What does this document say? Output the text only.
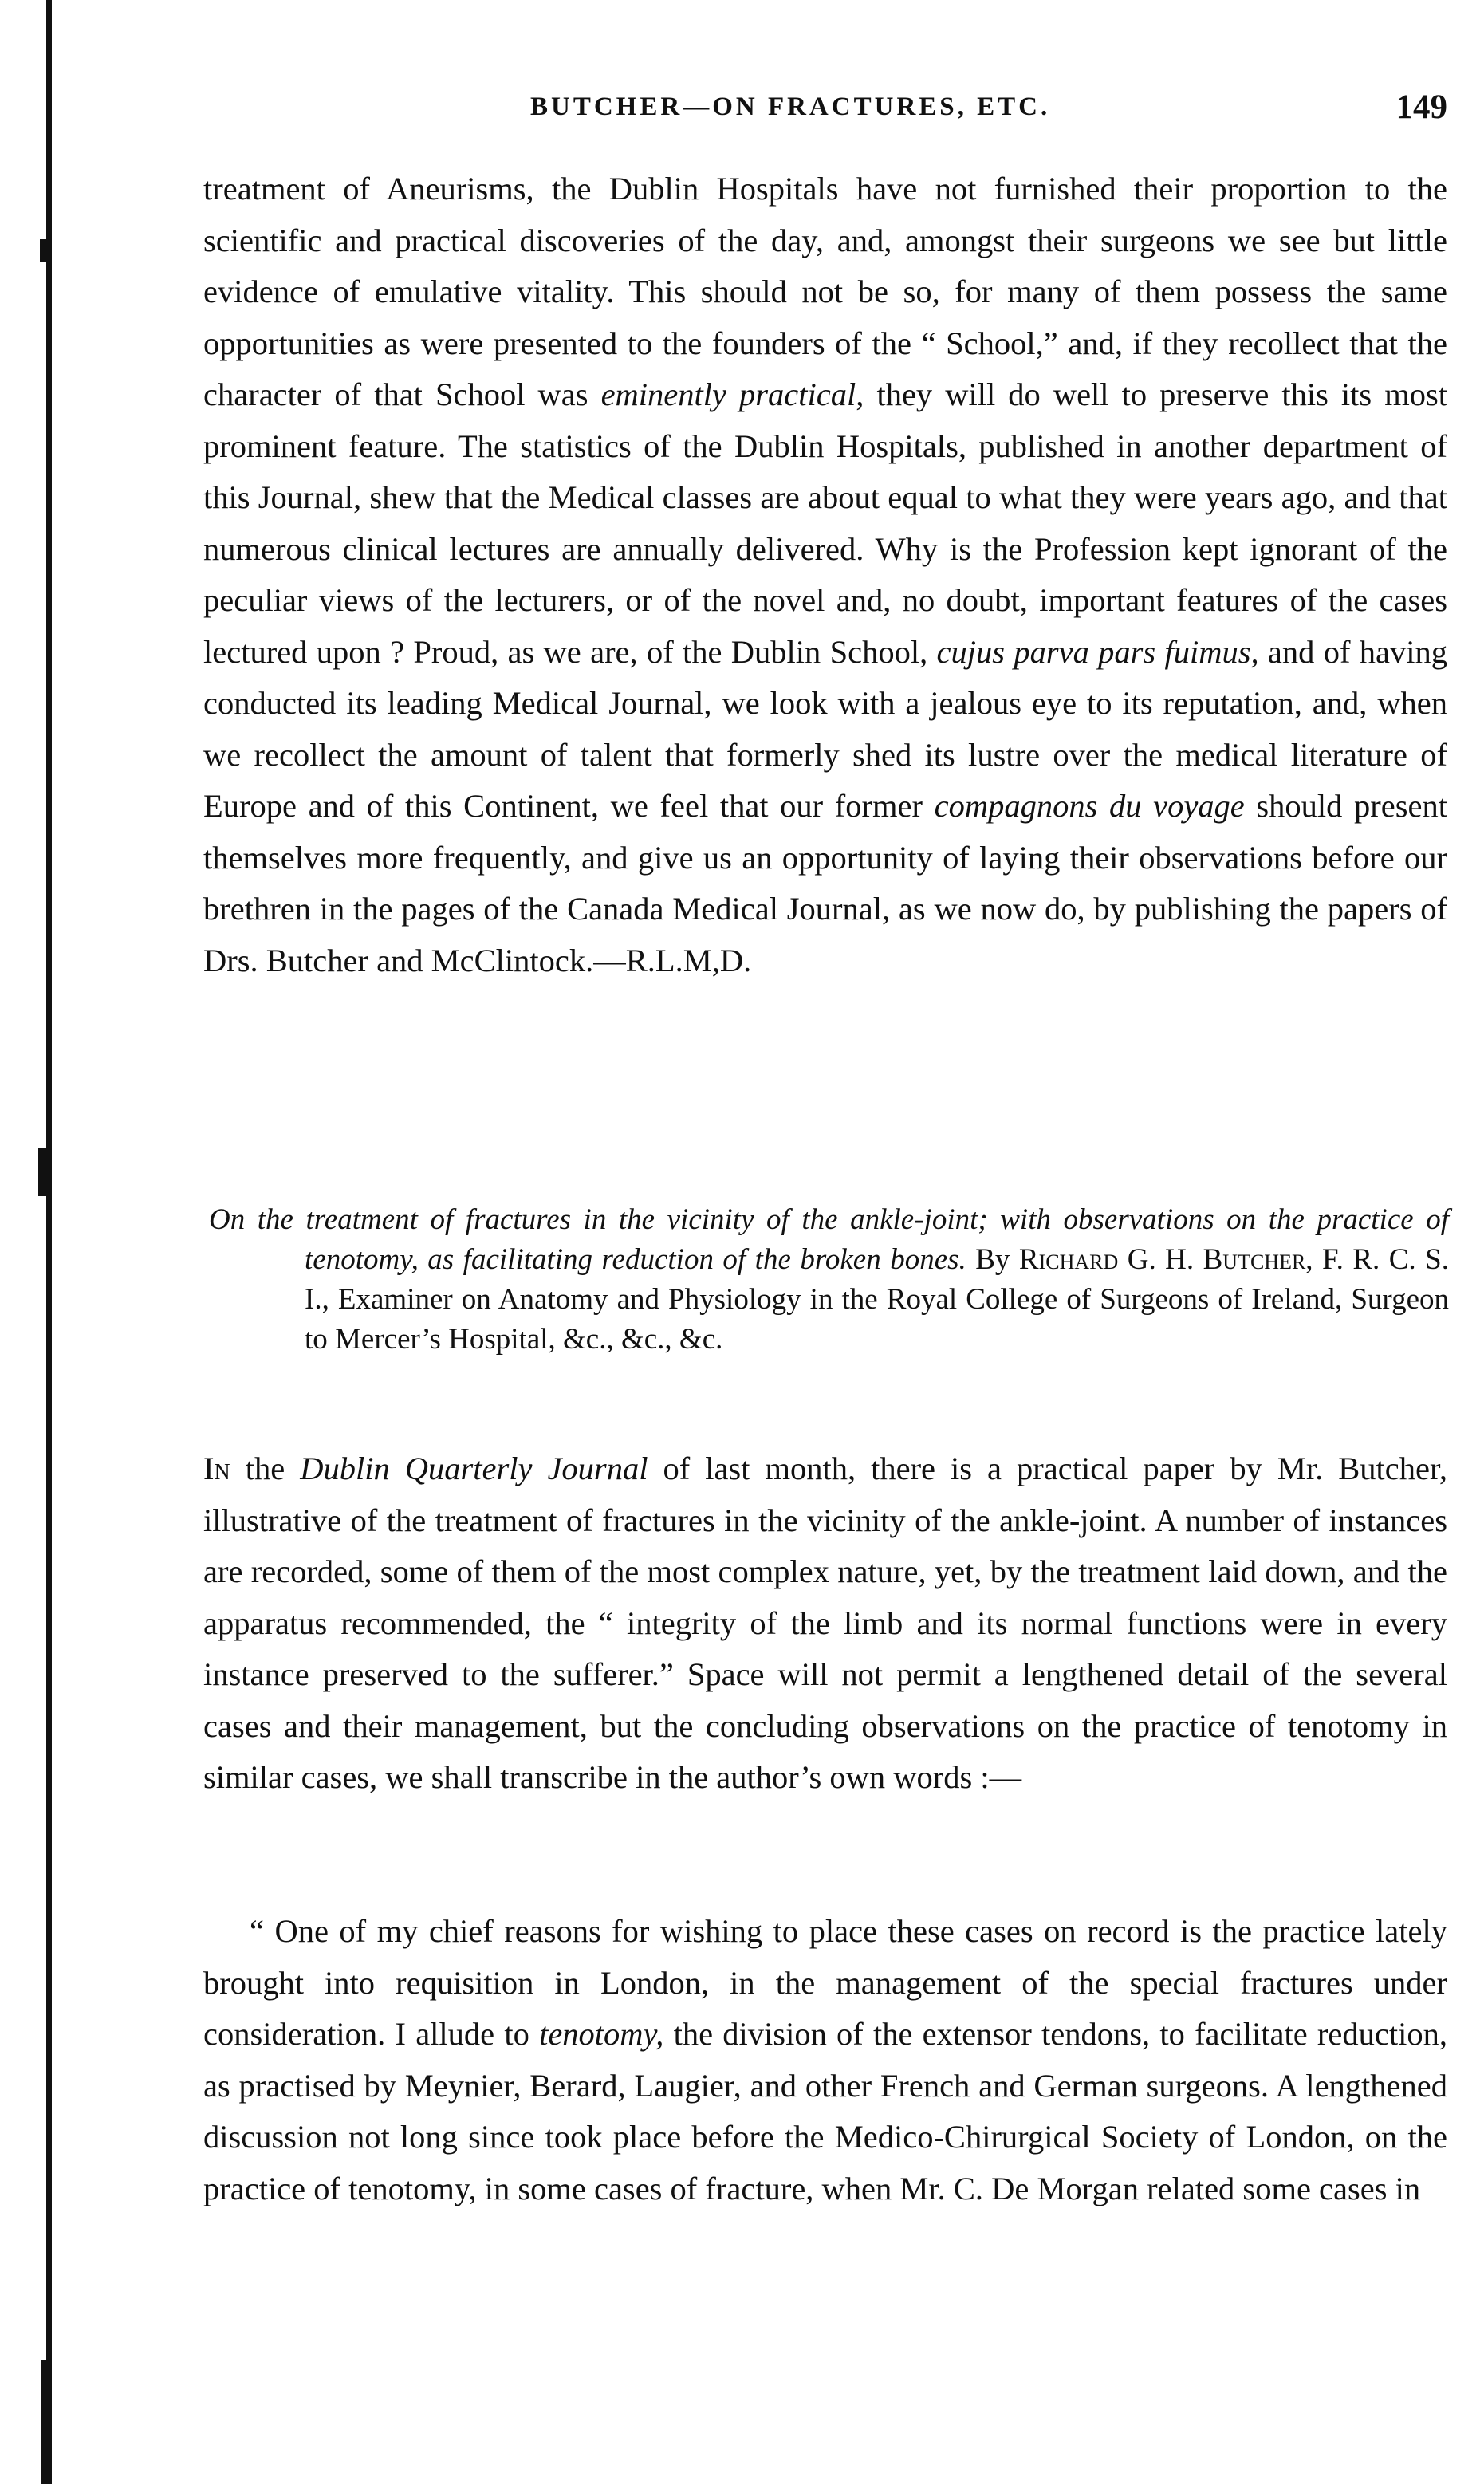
BUTCHER—ON FRACTURES, ETC.	149

treatment of Aneurisms, the Dublin Hospitals have not furnished their proportion to the scientific and practical discoveries of the day, and, amongst their surgeons we see but little evidence of emulative vitality. This should not be so, for many of them possess the same opportunities as were presented to the founders of the “ School,” and, if they recollect that the character of that School was eminently practical, they will do well to preserve this its most prominent feature. The statistics of the Dublin Hospitals, published in another department of this Journal, shew that the Medical classes are about equal to what they were years ago, and that numerous clinical lectures are annually delivered. Why is the Profession kept ignorant of the peculiar views of the lecturers, or of the novel and, no doubt, important features of the cases lectured upon ? Proud, as we are, of the Dublin School, cujus parva pars fuimus, and of having conducted its leading Medical Journal, we look with a jealous eye to its reputation, and, when we recollect the amount of talent that formerly shed its lustre over the medical literature of Europe and of this Continent, we feel that our former compagnons du voyage should present themselves more frequently, and give us an opportunity of laying their observations before our brethren in the pages of the Canada Medical Journal, as we now do, by publishing the papers of Drs. Butcher and McClintock.—R.L.M,D.

On the treatment of fractures in the vicinity of the ankle-joint; with observations on the practice of tenotomy, as facilitating reduction of the broken bones. By Richard G. H. Butcher, F. R. C. S. I., Examiner on Anatomy and Physiology in the Royal College of Surgeons of Ireland, Surgeon to Mercer’s Hospital, &c., &c., &c.

In the Dublin Quarterly Journal of last month, there is a practical paper by Mr. Butcher, illustrative of the treatment of fractures in the vicinity of the ankle-joint. A number of instances are recorded, some of them of the most complex nature, yet, by the treatment laid down, and the apparatus recommended, the “ integrity of the limb and its normal functions were in every instance preserved to the sufferer.” Space will not permit a lengthened detail of the several cases and their management, but the concluding observations on the practice of tenotomy in similar cases, we shall transcribe in the author’s own words :—

“ One of my chief reasons for wishing to place these cases on record is the practice lately brought into requisition in London, in the management of the special fractures under consideration. I allude to tenotomy, the division of the extensor tendons, to facilitate reduction, as practised by Meynier, Berard, Laugier, and other French and German surgeons. A lengthened discussion not long since took place before the Medico-Chirurgical Society of London, on the practice of tenotomy, in some cases of fracture, when Mr. C. De Morgan related some cases in
